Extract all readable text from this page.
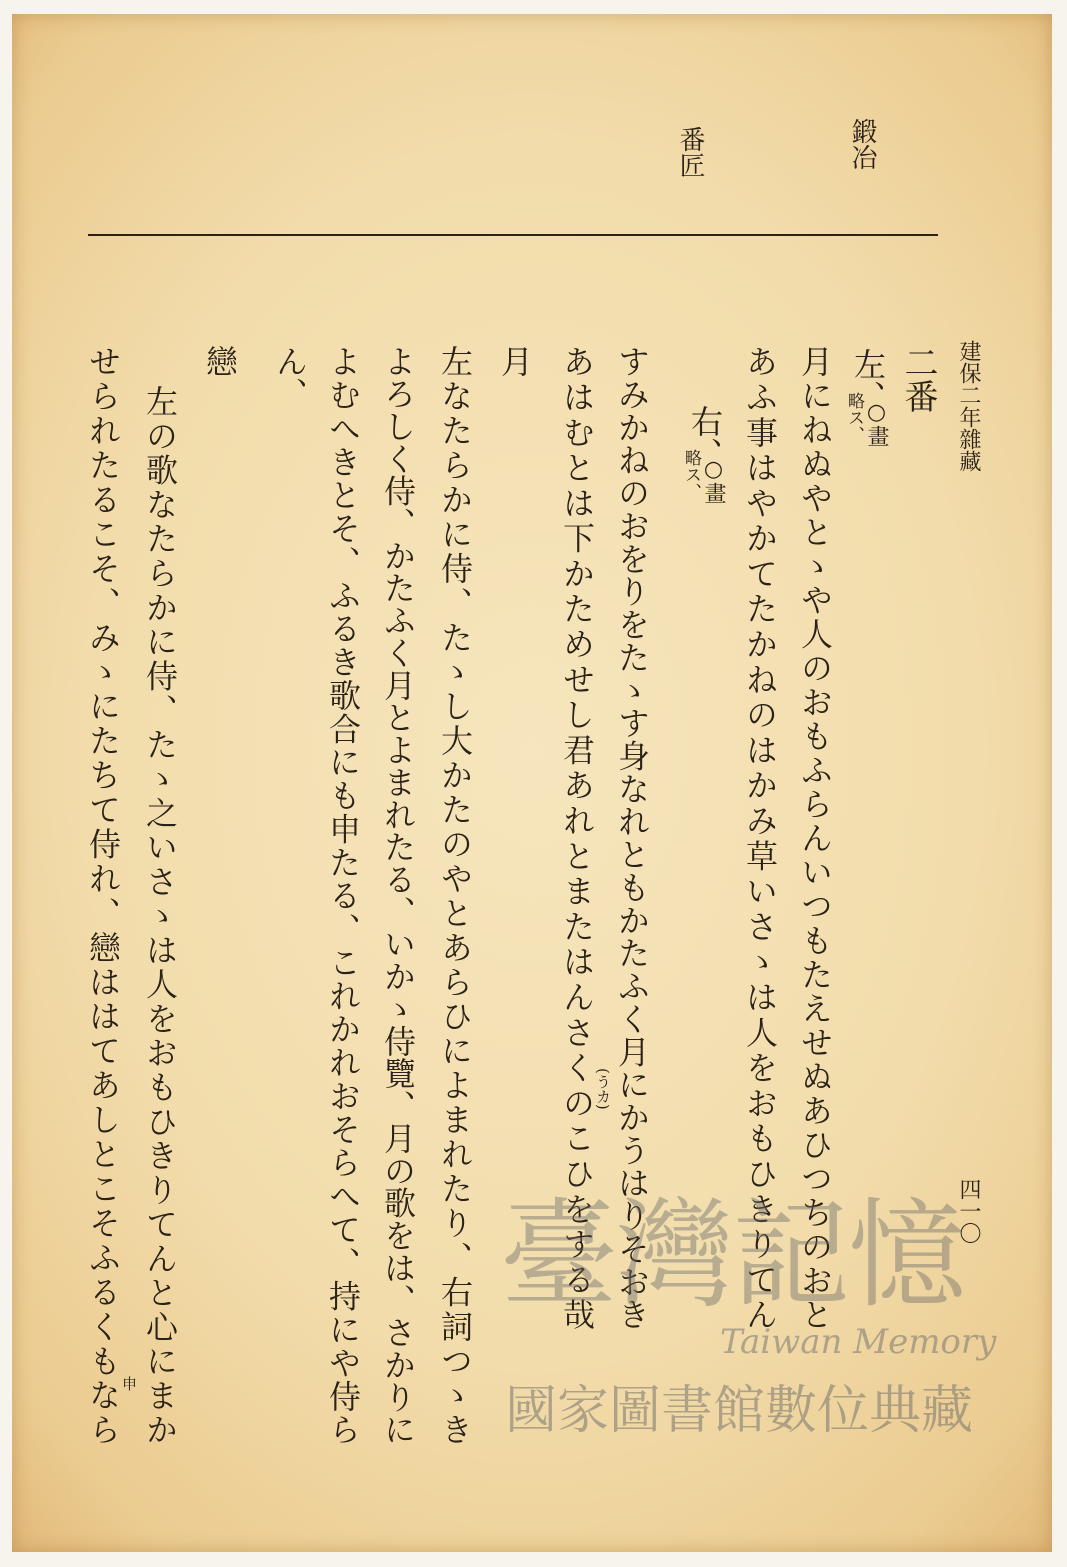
建保二年雜藏
四一〇
鍛冶
番匠
二番
左、
○畫
略ス、
月にねぬやとゝや人のおもふらんいつもたえせぬあひつちのおと
あふ事はやかてたかねのはかみ草いさゝは人をおもひきりてん
右、
○畫
略ス、
すみかねのおをりをたゝす身なれともかたふく月にかうはりそおき
(うカ)
あはむとは下かためせし君あれとまたはんさくのこひをする哉
月
左なたらかに侍、たゝし大かたのやとあらひによまれたり、右詞つゝき
よろしく侍、かたふく月とよまれたる、いかゝ侍覽、月の歌をは、さかりに
よむへきとそ、ふるき歌合にも申たる、これかれおそらへて、持にや侍ら
ん、
戀
左の歌なたらかに侍、たゝ之いさゝは人をおもひきりてんと心にまか
申
せられたるこそ、みゝにたちて侍れ、戀ははてあしとこそふるくもなら	臺灣記憶
Taiwan Memory
國家圖書館數位典藏
